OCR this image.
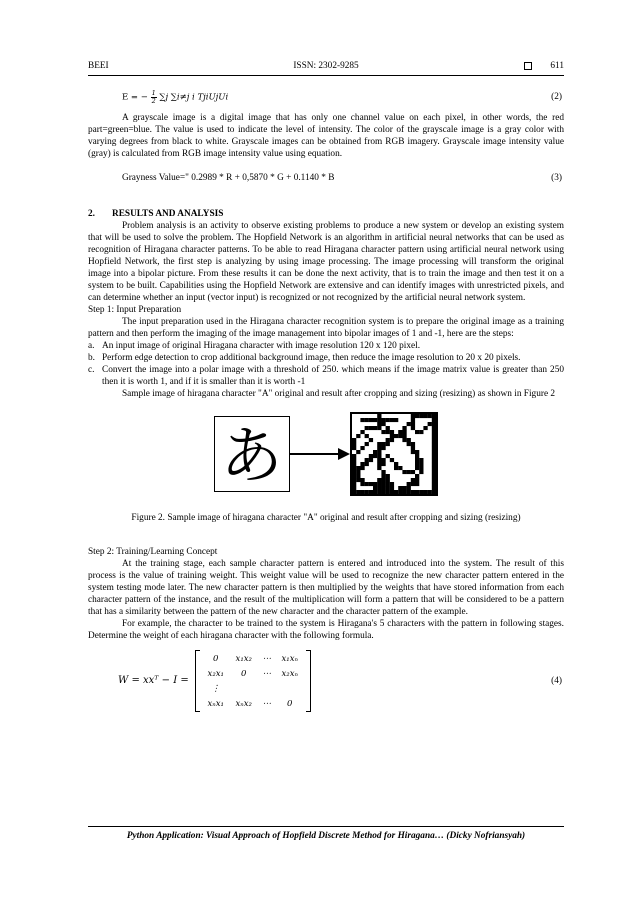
BEEI	ISSN: 2302-9285	611
E = − $\frac{1}{2} \sum j$ ∑i≠j i TjiUjUi	(2)

A grayscale image is a digital image that has only one channel value on each pixel, in other words, the red part=green=blue. The value is used to indicate the level of intensity. The color of the grayscale image is a gray color with varying degrees from black to white. Grayscale images can be obtained from RGB imagery. Grayscale image intensity value (gray) is calculated from RGB image intensity value using equation.

Grayness Value=" 0.2989 * R + 0,5870 * G + 0.1140 * B	(3)
2. RESULTS AND ANALYSIS

Problem analysis is an activity to observe existing problems to produce a new system or develop an existing system that will be used to solve the problem. The Hopfield Network is an algorithm in artificial neural networks that can be used as recognition of Hiragana character patterns. To be able to read Hiragana character pattern using artificial neural network using Hopfield Network, the first step is analyzing by using image processing. The image processing will transform the original image into a bipolar picture. From these results it can be done the next activity, that is to train the image and then test it on a system to be built. Capabilities using the Hopfield Network are extensive and can identify images with unrestricted pixels, and can determine whether an input (vector input) is recognized or not recognized by the artificial neural network system.

Step 1: Input Preparation

The input preparation used in the Hiragana character recognition system is to prepare the original image as a training pattern and then perform the imaging of the image management into bipolar images of 1 and -1, here are the steps:

a. An input image of original Hiragana character with image resolution 120 x 120 pixel.
b. Perform edge detection to crop additional background image, then reduce the image resolution to 20 x 20 pixels.
c. Convert the image into a polar image with a threshold of 250. which means if the image matrix value is greater than 250 then it is worth 1, and if it is smaller than it is worth -1

Sample image of hiragana character "A" original and result after cropping and sizing (resizing) as shown in Figure 2

あ

Figure 2. Sample image of hiragana character "A" original and result after cropping and sizing (resizing)

Step 2: Training/Learning Concept

At the training stage, each sample character pattern is entered and introduced into the system. The result of this process is the value of training weight. This weight value will be used to recognize the new character pattern entered in the system testing mode later. The new character pattern is then multiplied by the weights that have stored information from each character pattern of the instance, and the result of the multiplication will form a pattern that will be considered to be a pattern that has a similarity between the pattern of the new character and the character pattern of the example.

For example, the character to be trained to the system is Hiragana's 5 characters with the pattern in following stages. Determine the weight of each hiragana character with the following formula.

W = xxᵀ − I =
0 x₁x₂ ⋯ x₁xₙ
x₂x₁ 0 ⋯ x₂xₙ
⋮
xₙx₁ xₙx₂ ⋯ 0
(4)
Python Application: Visual Approach of Hopfield Discrete Method for Hiragana… (Dicky Nofriansyah)
